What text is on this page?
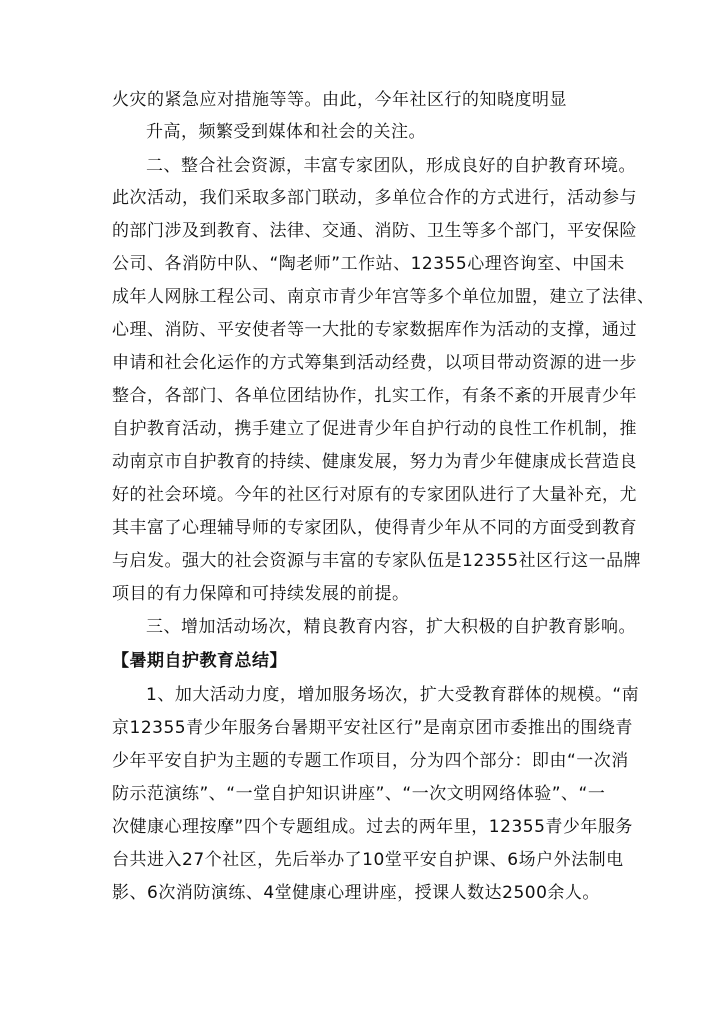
火灾的紧急应对措施等等。由此，今年社区行的知晓度明显
升高，频繁受到媒体和社会的关注。
二、整合社会资源，丰富专家团队，形成良好的自护教育环境。
此次活动，我们采取多部门联动，多单位合作的方式进行，活动参与
的部门涉及到教育、法律、交通、消防、卫生等多个部门，平安保险
公司、各消防中队、“陶老师”工作站、12355心理咨询室、中国未
成年人网脉工程公司、南京市青少年宫等多个单位加盟，建立了法律、
心理、消防、平安使者等一大批的专家数据库作为活动的支撑，通过
申请和社会化运作的方式筹集到活动经费，以项目带动资源的进一步
整合，各部门、各单位团结协作，扎实工作，有条不紊的开展青少年
自护教育活动，携手建立了促进青少年自护行动的良性工作机制，推
动南京市自护教育的持续、健康发展，努力为青少年健康成长营造良
好的社会环境。今年的社区行对原有的专家团队进行了大量补充，尤
其丰富了心理辅导师的专家团队，使得青少年从不同的方面受到教育
与启发。强大的社会资源与丰富的专家队伍是12355社区行这一品牌
项目的有力保障和可持续发展的前提。
三、增加活动场次，精良教育内容，扩大积极的自护教育影响。
【暑期自护教育总结】
1、加大活动力度，增加服务场次，扩大受教育群体的规模。“南
京12355青少年服务台暑期平安社区行”是南京团市委推出的围绕青
少年平安自护为主题的专题工作项目，分为四个部分：即由“一次消
防示范演练”、“一堂自护知识讲座”、“一次文明网络体验”、“一
次健康心理按摩”四个专题组成。过去的两年里，12355青少年服务
台共进入27个社区，先后举办了10堂平安自护课、6场户外法制电
影、6次消防演练、4堂健康心理讲座，授课人数达2500余人。
